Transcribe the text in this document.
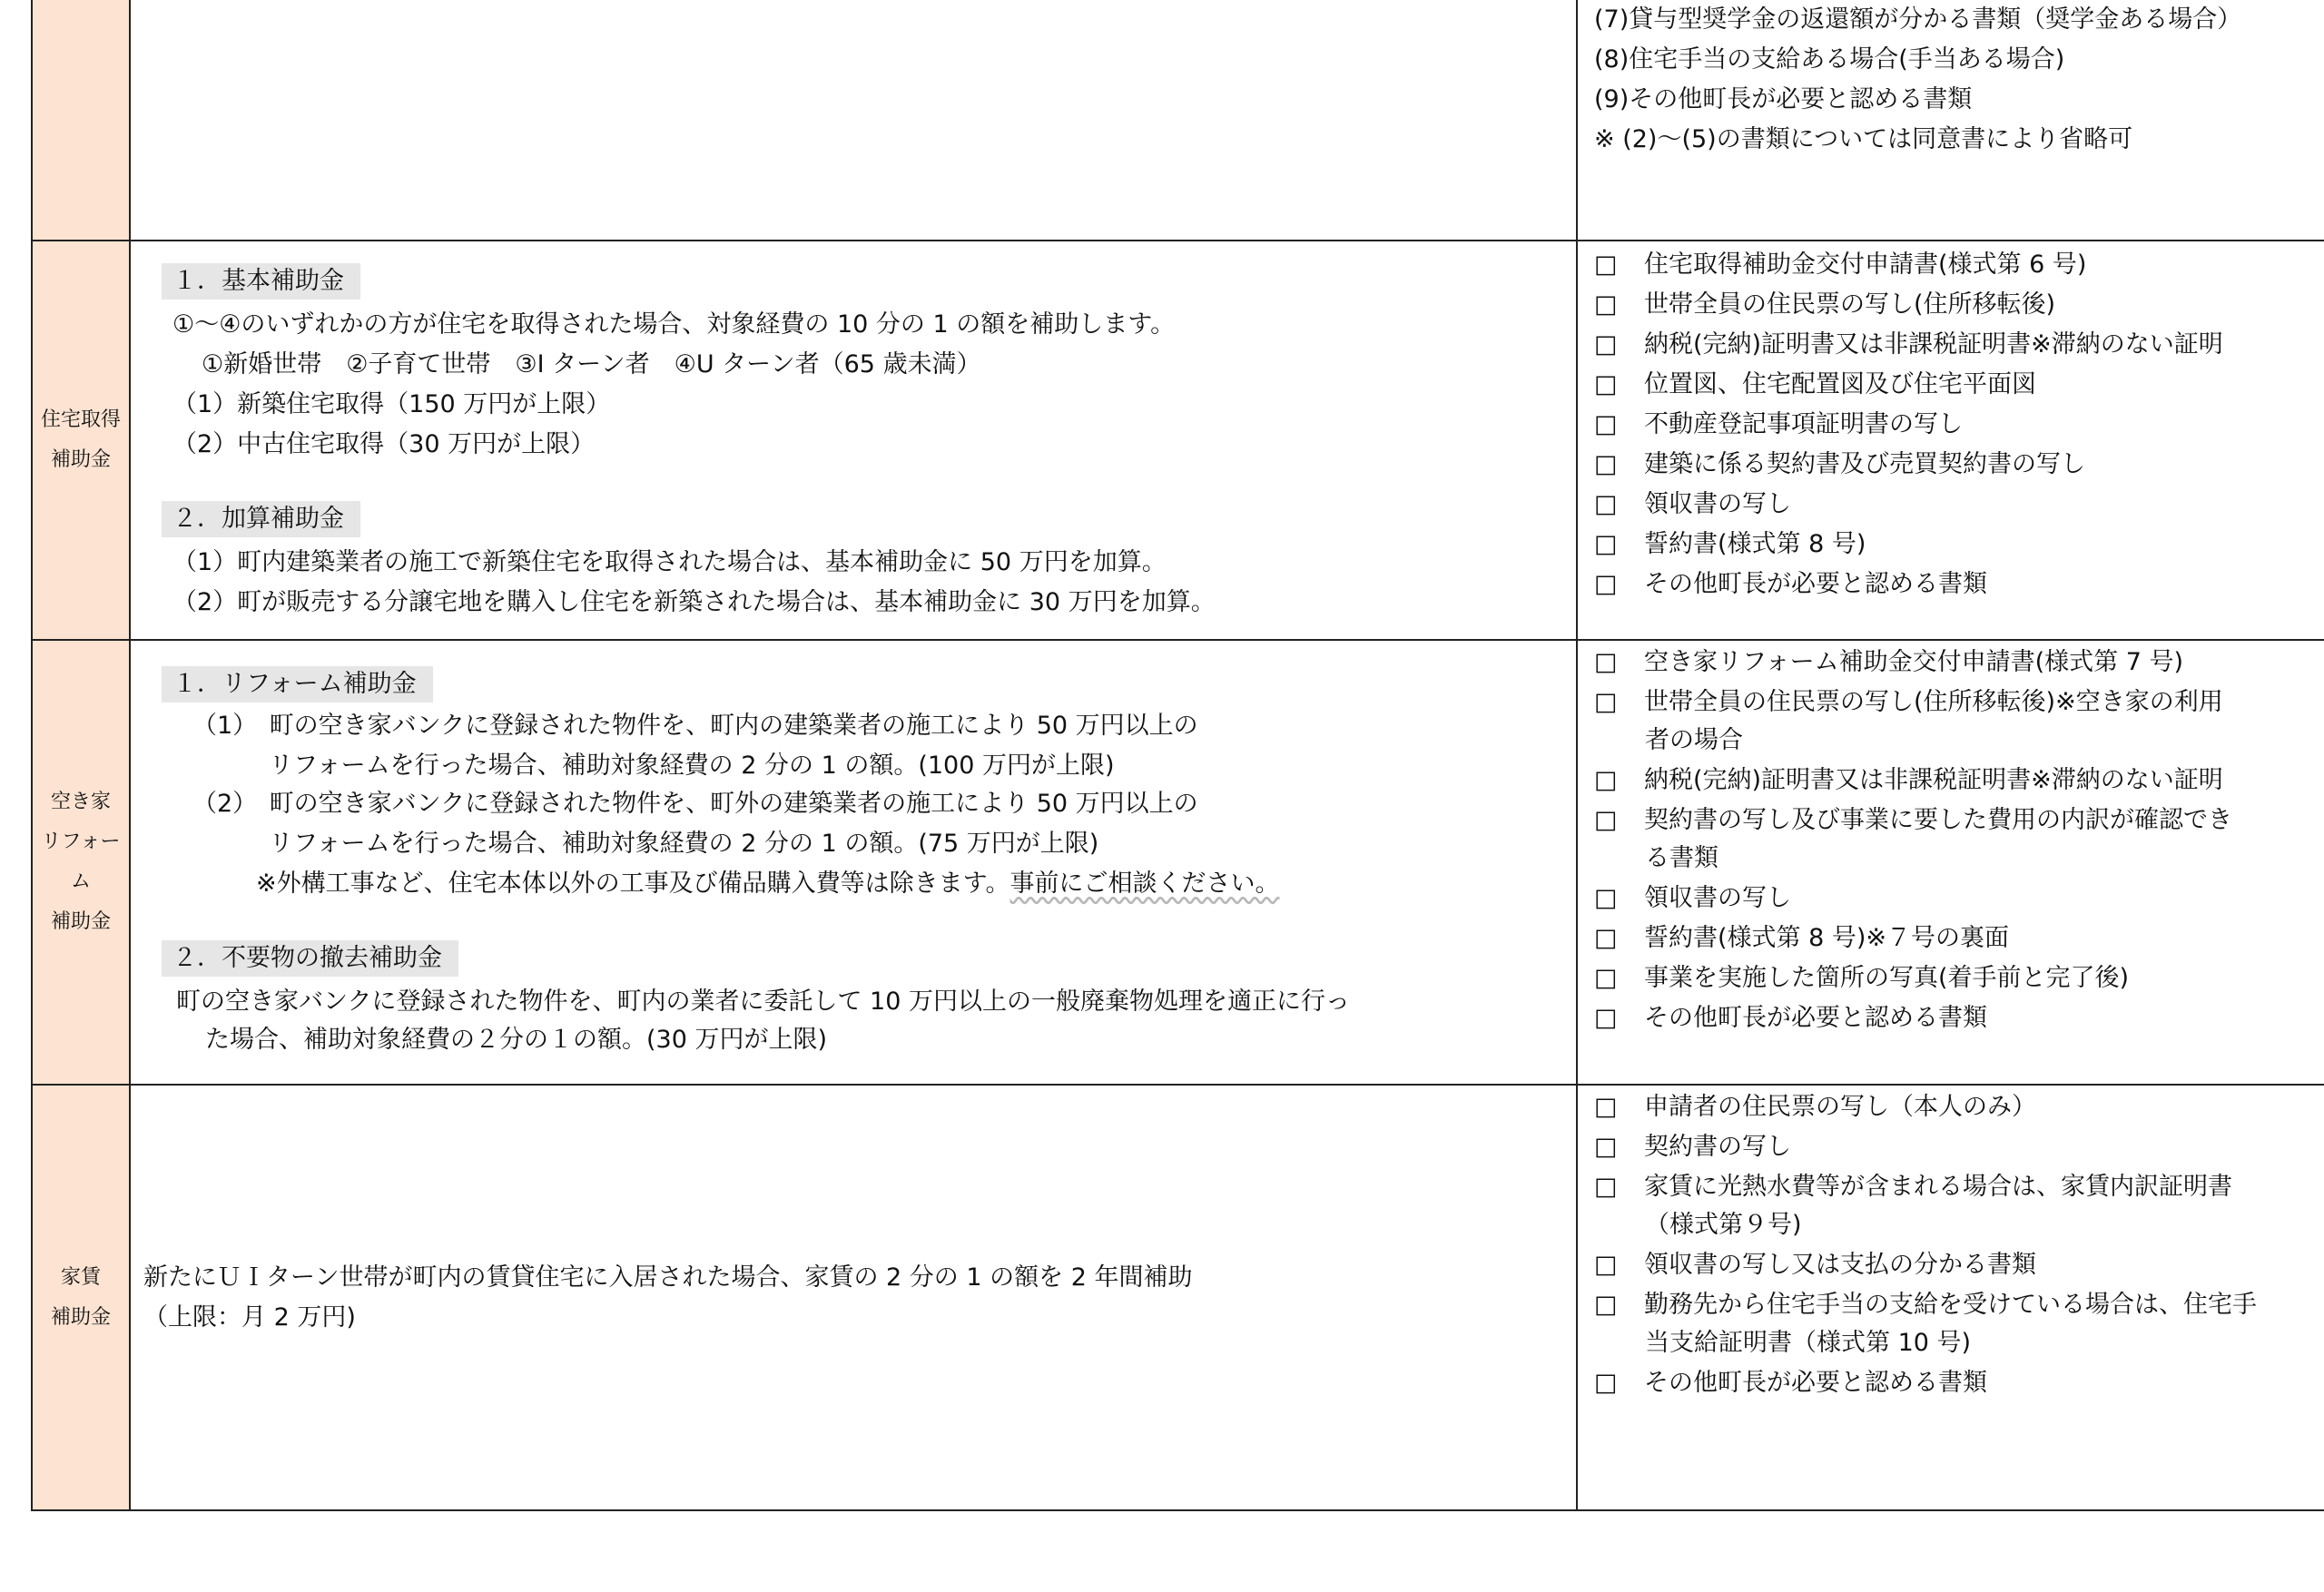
(7)貸与型奨学金の返還額が分かる書類（奨学金ある場合）
(8)住宅手当の支給ある場合(手当ある場合)
(9)その他町長が必要と認める書類
※ (2)～(5)の書類については同意書により省略可
住宅取得
補助金
１．基本補助金
①～④のいずれかの方が住宅を取得された場合、対象経費の 10 分の 1 の額を補助します。
①新婚世帯　②子育て世帯　③I ターン者　④U ターン者（65 歳未満）
（1）新築住宅取得（150 万円が上限）
（2）中古住宅取得（30 万円が上限）
２．加算補助金
（1）町内建築業者の施工で新築住宅を取得された場合は、基本補助金に 50 万円を加算。
（2）町が販売する分譲宅地を購入し住宅を新築された場合は、基本補助金に 30 万円を加算。
□　 住宅取得補助金交付申請書(様式第 6 号)
□　 世帯全員の住民票の写し(住所移転後)
□　 納税(完納)証明書又は非課税証明書※滞納のない証明
□　 位置図、住宅配置図及び住宅平面図
□　 不動産登記事項証明書の写し
□　 建築に係る契約書及び売買契約書の写し
□　 領収書の写し
□　 誓約書(様式第 8 号)
□　 その他町長が必要と認める書類
空き家
リフォー
ム
補助金
１．リフォーム補助金
（1）　町の空き家バンクに登録された物件を、町内の建築業者の施工により 50 万円以上の
リフォームを行った場合、補助対象経費の 2 分の 1 の額。(100 万円が上限)
（2）　町の空き家バンクに登録された物件を、町外の建築業者の施工により 50 万円以上の
リフォームを行った場合、補助対象経費の 2 分の 1 の額。(75 万円が上限)
※外構工事など、住宅本体以外の工事及び備品購入費等は除きます。事前にご相談ください。
２．不要物の撤去補助金
町の空き家バンクに登録された物件を、町内の業者に委託して 10 万円以上の一般廃棄物処理を適正に行っ
た場合、補助対象経費の２分の１の額。(30 万円が上限)
□　 空き家リフォーム補助金交付申請書(様式第 7 号)
□　 世帯全員の住民票の写し(住所移転後)※空き家の利用
者の場合
□　 納税(完納)証明書又は非課税証明書※滞納のない証明
□　 契約書の写し及び事業に要した費用の内訳が確認でき
る書類
□　 領収書の写し
□　 誓約書(様式第 8 号)※７号の裏面
□　 事業を実施した箇所の写真(着手前と完了後)
□　 その他町長が必要と認める書類
家賃
補助金
新たにＵＩターン世帯が町内の賃貸住宅に入居された場合、家賃の 2 分の 1 の額を 2 年間補助
（上限：月 2 万円)
□　 申請者の住民票の写し（本人のみ）
□　 契約書の写し
□　 家賃に光熱水費等が含まれる場合は、家賃内訳証明書
（様式第９号)
□　 領収書の写し又は支払の分かる書類
□　 勤務先から住宅手当の支給を受けている場合は、住宅手
当支給証明書（様式第 10 号)
□　 その他町長が必要と認める書類
